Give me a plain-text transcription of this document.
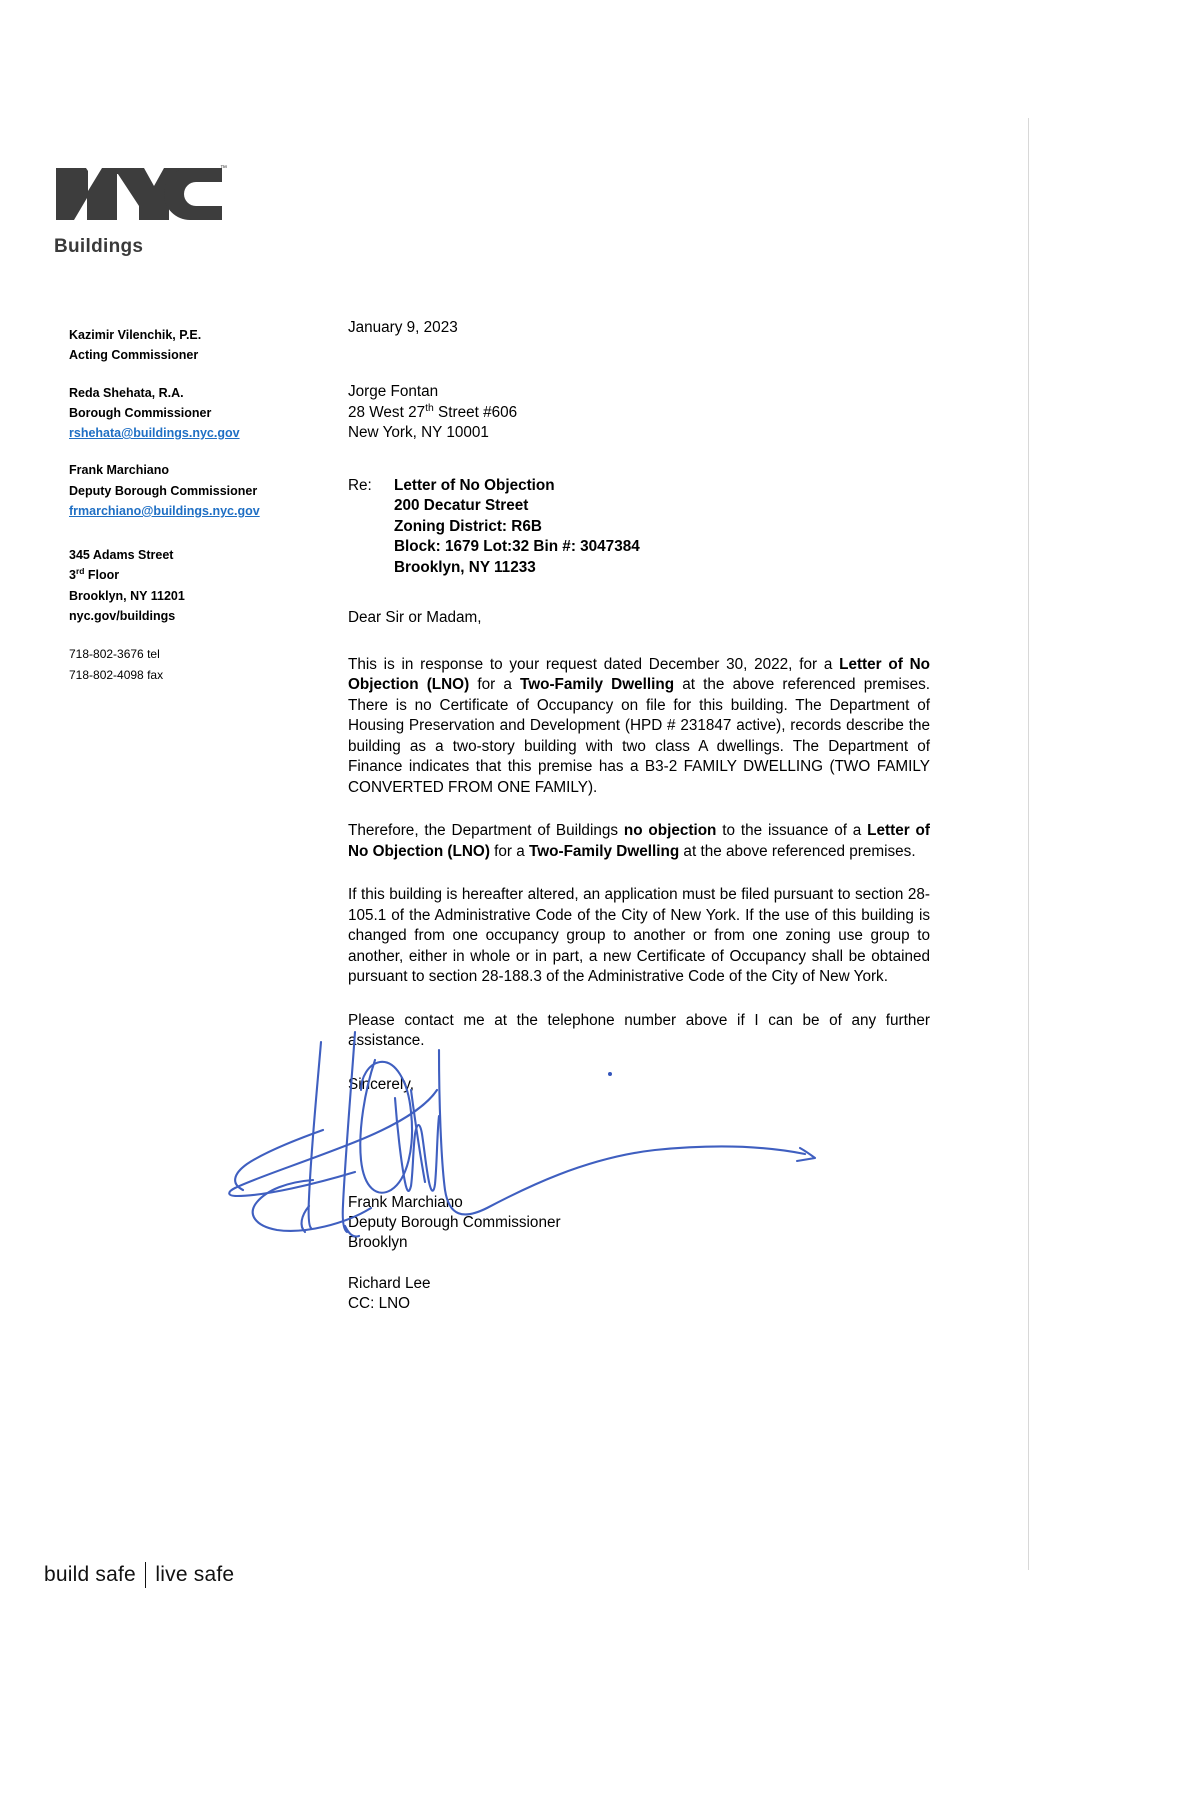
™
Buildings
Kazimir Vilenchik, P.E.
Acting Commissioner
Reda Shehata, R.A.
Borough Commissioner
rshehata@buildings.nyc.gov
Frank Marchiano
Deputy Borough Commissioner
frmarchiano@buildings.nyc.gov
345 Adams Street
3rd Floor
Brooklyn, NY 11201
nyc.gov/buildings
718-802-3676 tel
718-802-4098 fax
January 9, 2023
Jorge Fontan
28 West 27th Street #606
New York, NY 10001
Re:	Letter of No Objection
200 Decatur Street
Zoning District: R6B
Block: 1679 Lot:32 Bin #: 3047384
Brooklyn, NY 11233
Dear Sir or Madam,

This is in response to your request dated December 30, 2022, for a Letter of No Objection (LNO) for a Two-Family Dwelling at the above referenced premises. There is no Certificate of Occupancy on file for this building. The Department of Housing Preservation and Development (HPD # 231847 active), records describe the building as a two-story building with two class A dwellings. The Department of Finance indicates that this premise has a B3-2 FAMILY DWELLING (TWO FAMILY CONVERTED FROM ONE FAMILY).

Therefore, the Department of Buildings no objection to the issuance of a Letter of No Objection (LNO) for a Two-Family Dwelling at the above referenced premises.

If this building is hereafter altered, an application must be filed pursuant to section 28-105.1 of the Administrative Code of the City of New York. If the use of this building is changed from one occupancy group to another or from one zoning use group to another, either in whole or in part, a new Certificate of Occupancy shall be obtained pursuant to section 28-188.3 of the Administrative Code of the City of New York.

Please contact me at the telephone number above if I can be of any further assistance.

Sincerely,

Frank Marchiano
Deputy Borough Commissioner
Brooklyn
Richard Lee
CC: LNO
build safe live safe
